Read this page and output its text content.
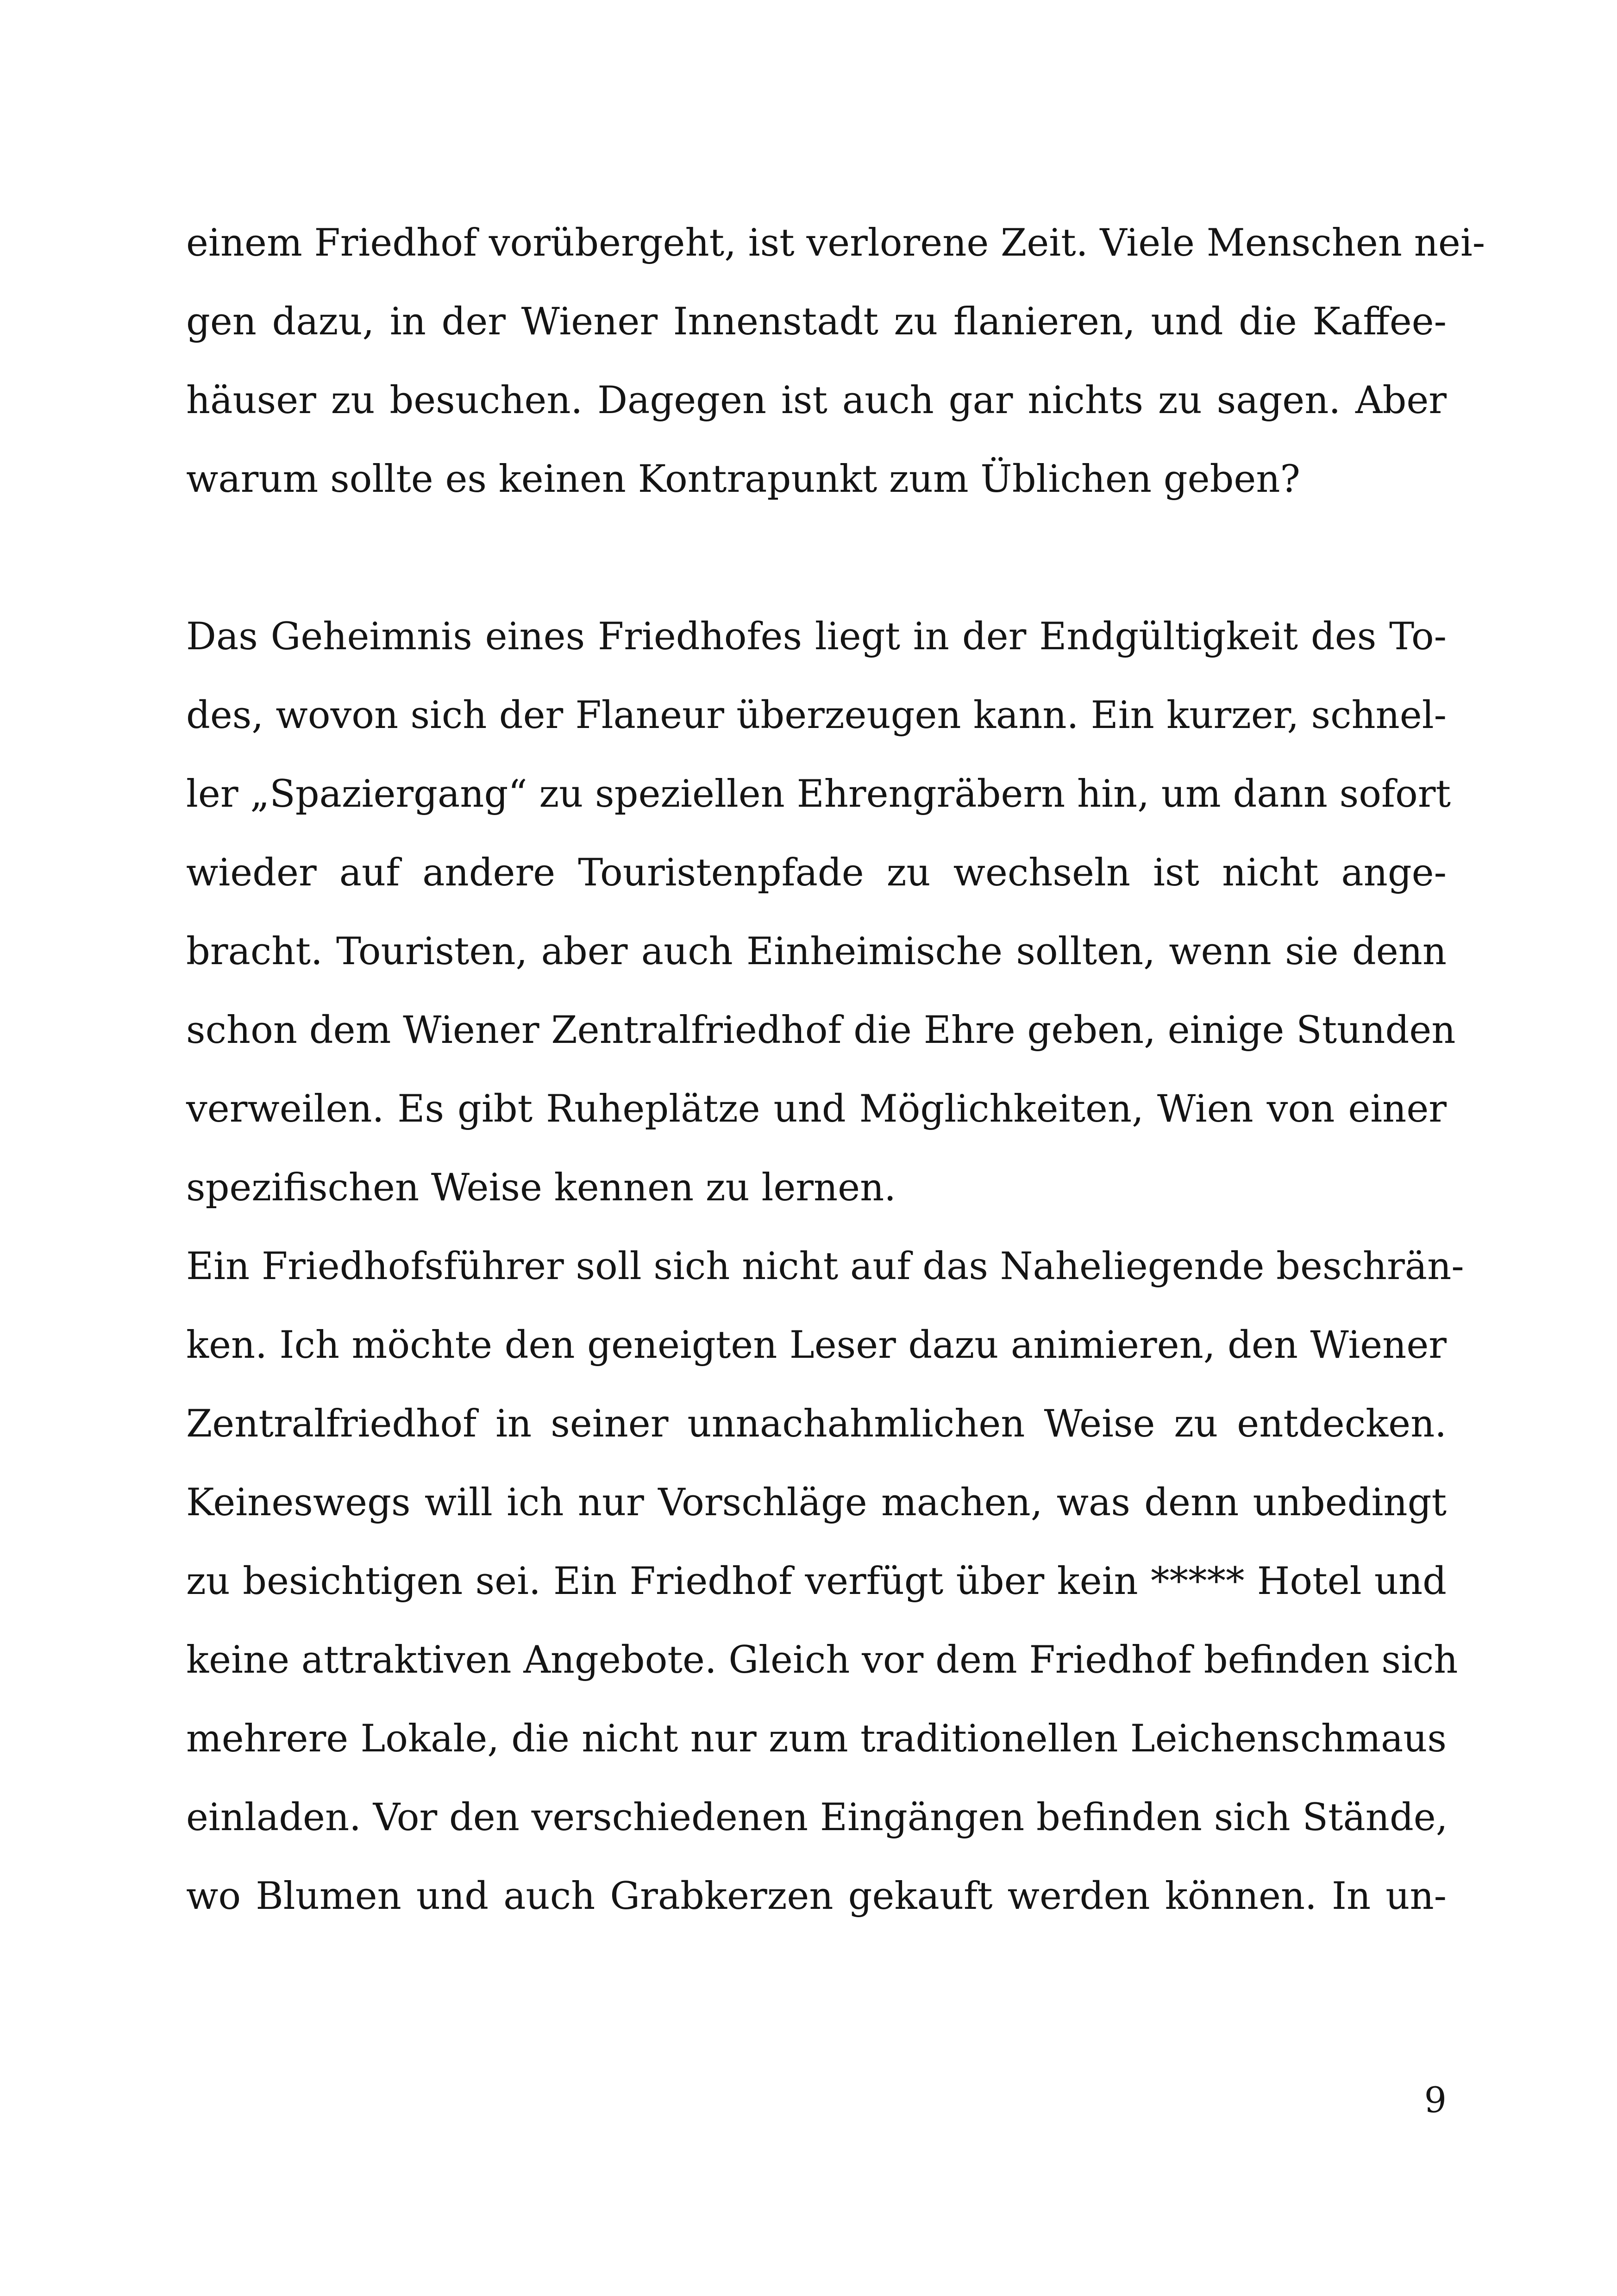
einem Friedhof vorübergeht, ist verlorene Zeit. Viele Menschen nei-
gen dazu, in der Wiener Innenstadt zu flanieren, und die Kaffee-
häuser zu besuchen. Dagegen ist auch gar nichts zu sagen. Aber
warum sollte es keinen Kontrapunkt zum Üblichen geben?
Das Geheimnis eines Friedhofes liegt in der Endgültigkeit des To-
des, wovon sich der Flaneur überzeugen kann. Ein kurzer, schnel-
ler „Spaziergang“ zu speziellen Ehrengräbern hin, um dann sofort
wieder auf andere Touristenpfade zu wechseln ist nicht ange-
bracht. Touristen, aber auch Einheimische sollten, wenn sie denn
schon dem Wiener Zentralfriedhof die Ehre geben, einige Stunden
verweilen. Es gibt Ruheplätze und Möglichkeiten, Wien von einer
spezifischen Weise kennen zu lernen.
Ein Friedhofsführer soll sich nicht auf das Naheliegende beschrän-
ken. Ich möchte den geneigten Leser dazu animieren, den Wiener
Zentralfriedhof in seiner unnachahmlichen Weise zu entdecken.
Keineswegs will ich nur Vorschläge machen, was denn unbedingt
zu besichtigen sei. Ein Friedhof verfügt über kein ***** Hotel und
keine attraktiven Angebote. Gleich vor dem Friedhof befinden sich
mehrere Lokale, die nicht nur zum traditionellen Leichenschmaus
einladen. Vor den verschiedenen Eingängen befinden sich Stände,
wo Blumen und auch Grabkerzen gekauft werden können. In un-
9
